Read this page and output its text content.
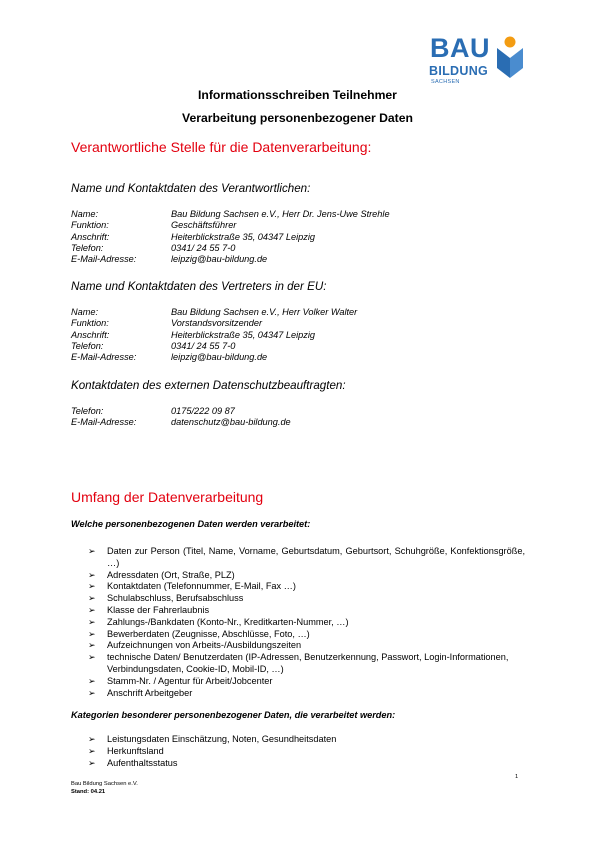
BAU
BILDUNG
SACHSEN
Informationsschreiben Teilnehmer
Verarbeitung personenbezogener Daten
Verantwortliche Stelle für die Datenverarbeitung:
Name und Kontaktdaten des Verantwortlichen:
Name:	Bau Bildung Sachsen e.V., Herr Dr. Jens-Uwe Strehle
Funktion:	Geschäftsführer
Anschrift:	Heiterblickstraße 35, 04347 Leipzig
Telefon:	0341/ 24 55 7-0
E-Mail-Adresse:	leipzig@bau-bildung.de
Name und Kontaktdaten des Vertreters in der EU:
Name:	Bau Bildung Sachsen e.V., Herr Volker Walter
Funktion:	Vorstandsvorsitzender
Anschrift:	Heiterblickstraße 35, 04347 Leipzig
Telefon:	0341/ 24 55 7-0
E-Mail-Adresse:	leipzig@bau-bildung.de
Kontaktdaten des externen Datenschutzbeauftragten:
Telefon:	0175/222 09 87
E-Mail-Adresse:	datenschutz@bau-bildung.de
Umfang der Datenverarbeitung
Welche personenbezogenen Daten werden verarbeitet:
➢ Daten zur Person (Titel, Name, Vorname, Geburtsdatum, Geburtsort, Schuhgröße, Konfektionsgröße, …)
➢ Adressdaten (Ort, Straße, PLZ)
➢ Kontaktdaten (Telefonnummer, E-Mail, Fax …)
➢ Schulabschluss, Berufsabschluss
➢ Klasse der Fahrerlaubnis
➢ Zahlungs-/Bankdaten (Konto-Nr., Kreditkarten-Nummer, …)
➢ Bewerberdaten (Zeugnisse, Abschlüsse, Foto, …)
➢ Aufzeichnungen von Arbeits-/Ausbildungszeiten
➢ technische Daten/ Benutzerdaten (IP-Adressen, Benutzerkennung, Passwort, Login-Informationen, Verbindungsdaten, Cookie-ID, Mobil-ID, …)
➢ Stamm-Nr. / Agentur für Arbeit/Jobcenter
➢ Anschrift Arbeitgeber
Kategorien besonderer personenbezogener Daten, die verarbeitet werden:
➢ Leistungsdaten Einschätzung, Noten, Gesundheitsdaten
➢ Herkunftsland
➢ Aufenthaltsstatus
1
Bau Bildung Sachsen e.V.
Stand: 04.21
